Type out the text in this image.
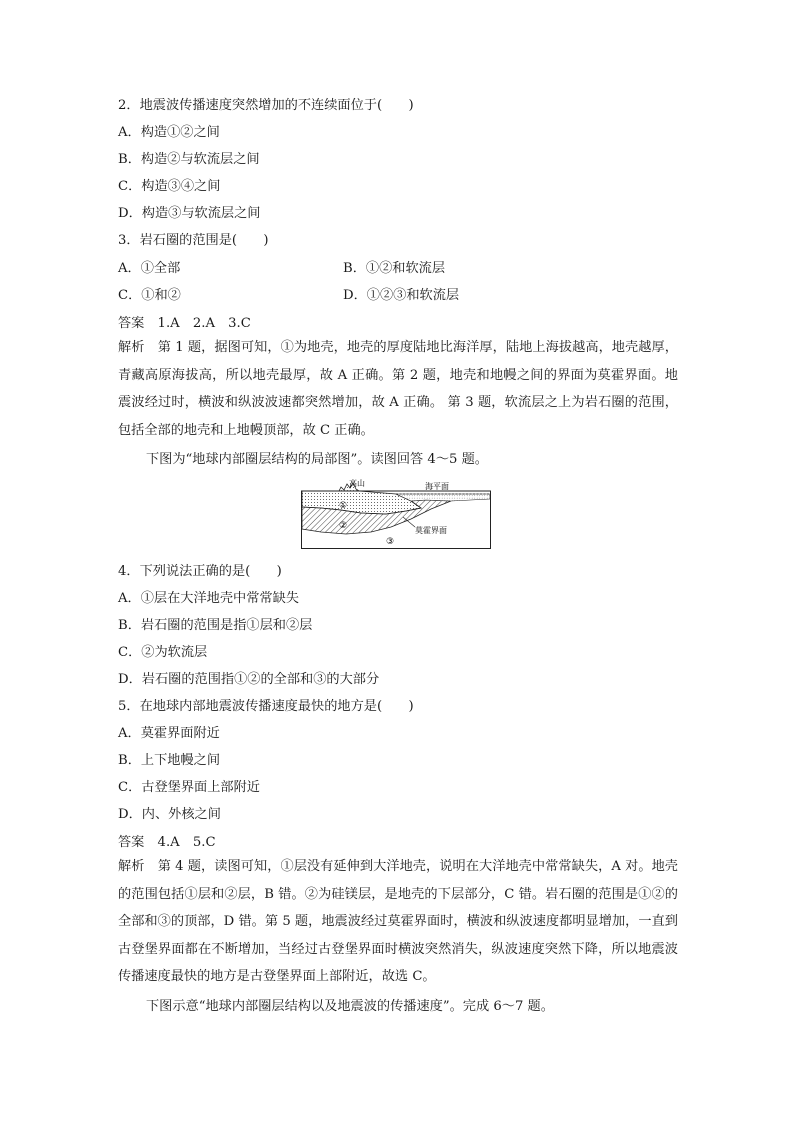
2．地震波传播速度突然增加的不连续面位于(　　)
A．构造①②之间
B．构造②与软流层之间
C．构造③④之间
D．构造③与软流层之间
3．岩石圈的范围是(　　)
A．①全部	B．①②和软流层
C．①和②	D．①②③和软流层
答案　1.A　2.A　3.C
解析　第 1 题，据图可知，①为地壳，地壳的厚度陆地比海洋厚，陆地上海拔越高，地壳越厚，青藏高原海拔高，所以地壳最厚，故 A 正确。第 2 题，地壳和地幔之间的界面为莫霍界面。地震波经过时，横波和纵波波速都突然增加，故 A 正确。 第 3 题，软流层之上为岩石圈的范围，包括全部的地壳和上地幔顶部，故 C 正确。
下图为“地球内部圈层结构的局部图”。读图回答 4～5 题。
高山	海平面
莫霍界面
①
②
③
4．下列说法正确的是(　　)
A．①层在大洋地壳中常常缺失
B．岩石圈的范围是指①层和②层
C．②为软流层
D．岩石圈的范围指①②的全部和③的大部分
5．在地球内部地震波传播速度最快的地方是(　　)
A．莫霍界面附近
B．上下地幔之间
C．古登堡界面上部附近
D．内、外核之间
答案　4.A　5.C
解析　第 4 题，读图可知，①层没有延伸到大洋地壳，说明在大洋地壳中常常缺失，A 对。地壳的范围包括①层和②层，B 错。②为硅镁层，是地壳的下层部分，C 错。岩石圈的范围是①②的全部和③的顶部，D 错。第 5 题，地震波经过莫霍界面时，横波和纵波速度都明显增加，一直到古登堡界面都在不断增加，当经过古登堡界面时横波突然消失，纵波速度突然下降，所以地震波传播速度最快的地方是古登堡界面上部附近，故选 C。
下图示意“地球内部圈层结构以及地震波的传播速度”。完成 6～7 题。
